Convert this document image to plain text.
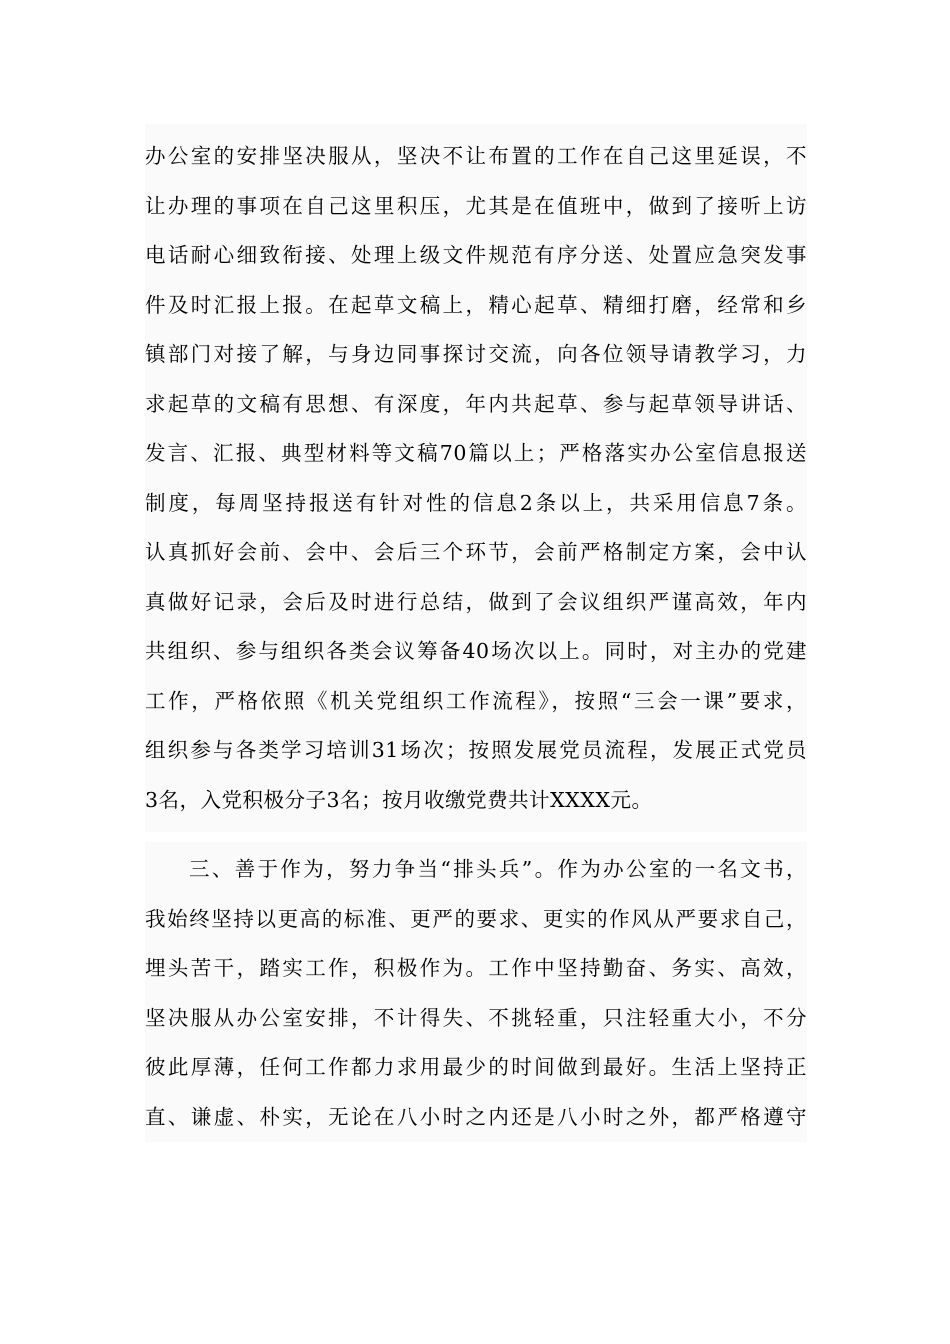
办公室的安排坚决服从，坚决不让布置的工作在自己这里延误，不
让办理的事项在自己这里积压，尤其是在值班中，做到了接听上访
电话耐心细致衔接、处理上级文件规范有序分送、处置应急突发事
件及时汇报上报。在起草文稿上，精心起草、精细打磨，经常和乡
镇部门对接了解，与身边同事探讨交流，向各位领导请教学习，力
求起草的文稿有思想、有深度，年内共起草、参与起草领导讲话、
发言、汇报、典型材料等文稿70篇以上；严格落实办公室信息报送
制度，每周坚持报送有针对性的信息2条以上，共采用信息7条。
认真抓好会前、会中、会后三个环节，会前严格制定方案，会中认
真做好记录，会后及时进行总结，做到了会议组织严谨高效，年内
共组织、参与组织各类会议筹备40场次以上。同时，对主办的党建
工作，严格依照《机关党组织工作流程》，按照“三会一课”要求，
组织参与各类学习培训31场次；按照发展党员流程，发展正式党员
3名，入党积极分子3名；按月收缴党费共计XXXX元。
三、善于作为，努力争当“排头兵”。作为办公室的一名文书，
我始终坚持以更高的标准、更严的要求、更实的作风从严要求自己，
埋头苦干，踏实工作，积极作为。工作中坚持勤奋、务实、高效，
坚决服从办公室安排，不计得失、不挑轻重，只注轻重大小，不分
彼此厚薄，任何工作都力求用最少的时间做到最好。生活上坚持正
直、谦虚、朴实，无论在八小时之内还是八小时之外，都严格遵守
